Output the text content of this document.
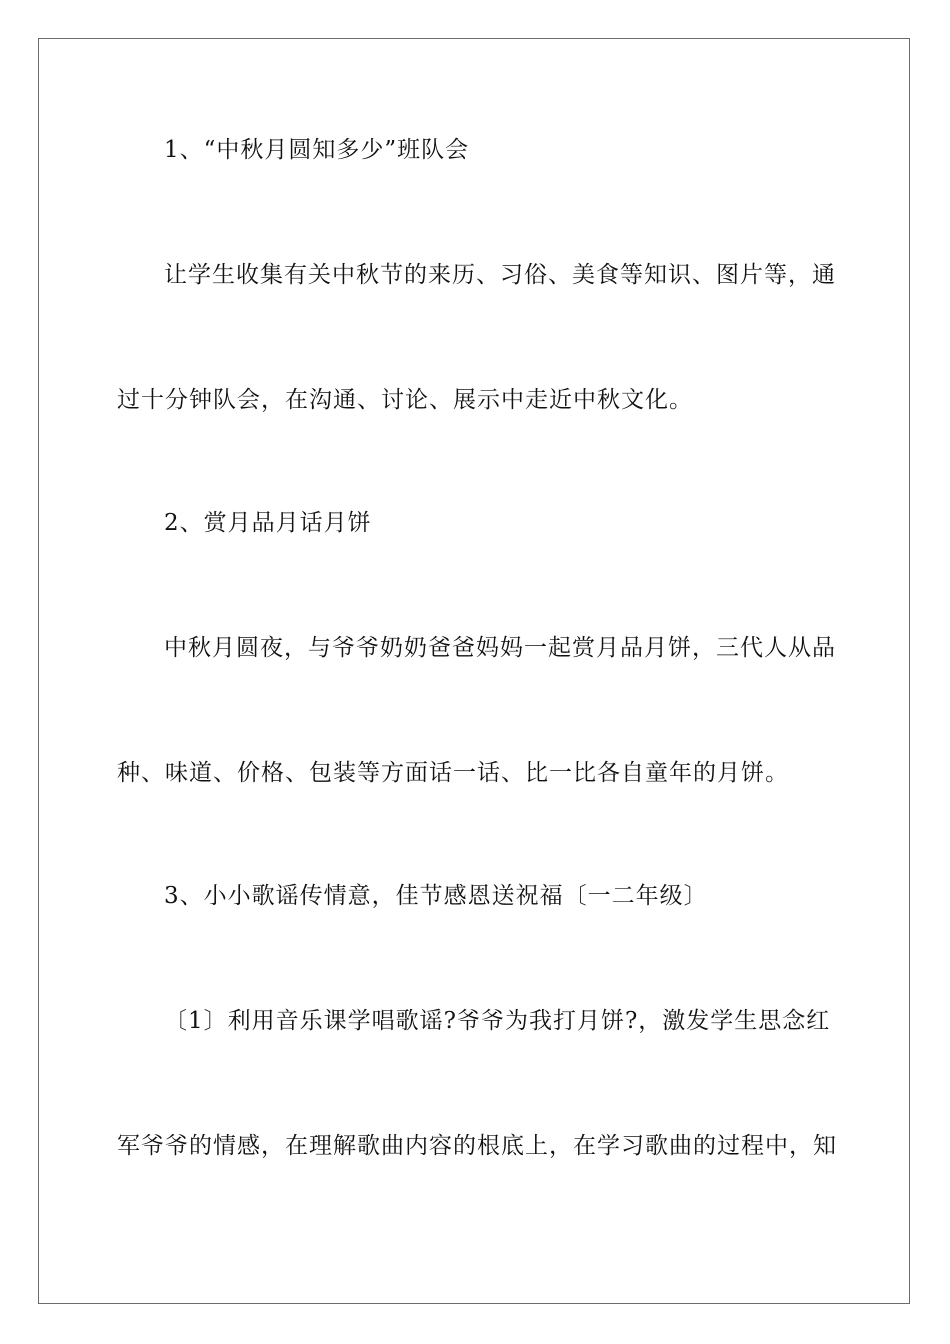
1、“中秋月圆知多少”班队会
让学生收集有关中秋节的来历、习俗、美食等知识、图片等，通
过十分钟队会，在沟通、讨论、展示中走近中秋文化。
2、赏月品月话月饼
中秋月圆夜，与爷爷奶奶爸爸妈妈一起赏月品月饼，三代人从品
种、味道、价格、包装等方面话一话、比一比各自童年的月饼。
3、小小歌谣传情意，佳节感恩送祝福〔一二年级〕
〔1〕利用音乐课学唱歌谣?爷爷为我打月饼?，激发学生思念红
军爷爷的情感，在理解歌曲内容的根底上，在学习歌曲的过程中，知
